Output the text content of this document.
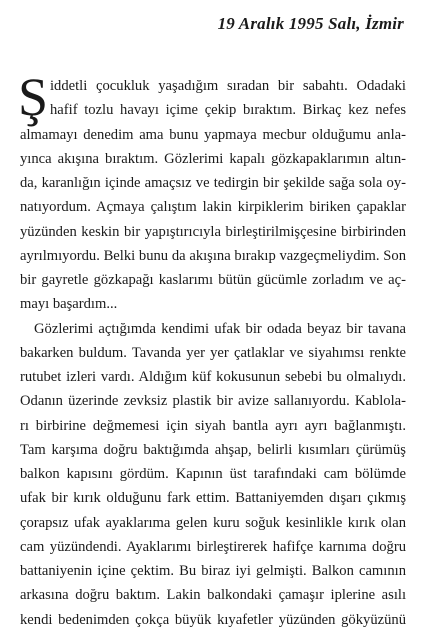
19 Aralık 1995 Salı, İzmir
Ş iddetli çocukluk yaşadığım sıradan bir sabahtı. Odadaki
hafif tozlu havayı içime çekip bıraktım. Birkaç kez nefes
almamayı denedim ama bunu yapmaya mecbur olduğumu anla-
yınca akışına bıraktım. Gözlerimi kapalı gözkapaklarımın altın-
da, karanlığın içinde amaçsız ve tedirgin bir şekilde sağa sola oy-
natıyordum. Açmaya çalıştım lakin kirpiklerim biriken çapaklar
yüzünden keskin bir yapıştırıcıyla birleştirilmişçesine birbirinden
ayrılmıyordu. Belki bunu da akışına bırakıp vazgeçmeliydim. Son
bir gayretle gözkapağı kaslarımı bütün gücümle zorladım ve aç-
mayı başardım...
Gözlerimi açtığımda kendimi ufak bir odada beyaz bir tavana
bakarken buldum. Tavanda yer yer çatlaklar ve siyahımsı renkte
rutubet izleri vardı. Aldığım küf kokusunun sebebi bu olmalıydı.
Odanın üzerinde zevksiz plastik bir avize sallanıyordu. Kablola-
rı birbirine değmemesi için siyah bantla ayrı ayrı bağlanmıştı.
Tam karşıma doğru baktığımda ahşap, belirli kısımları çürümüş
balkon kapısını gördüm. Kapının üst tarafındaki cam bölümde
ufak bir kırık olduğunu fark ettim. Battaniyemden dışarı çıkmış
çorapsız ufak ayaklarıma gelen kuru soğuk kesinlikle kırık olan
cam yüzündendi. Ayaklarımı birleştirerek hafifçe karnıma doğru
battaniyenin içine çektim. Bu biraz iyi gelmişti. Balkon camının
arkasına doğru baktım. Lakin balkondaki çamaşır iplerine asılı
kendi bedenimden çokça büyük kıyafetler yüzünden gökyüzünü
